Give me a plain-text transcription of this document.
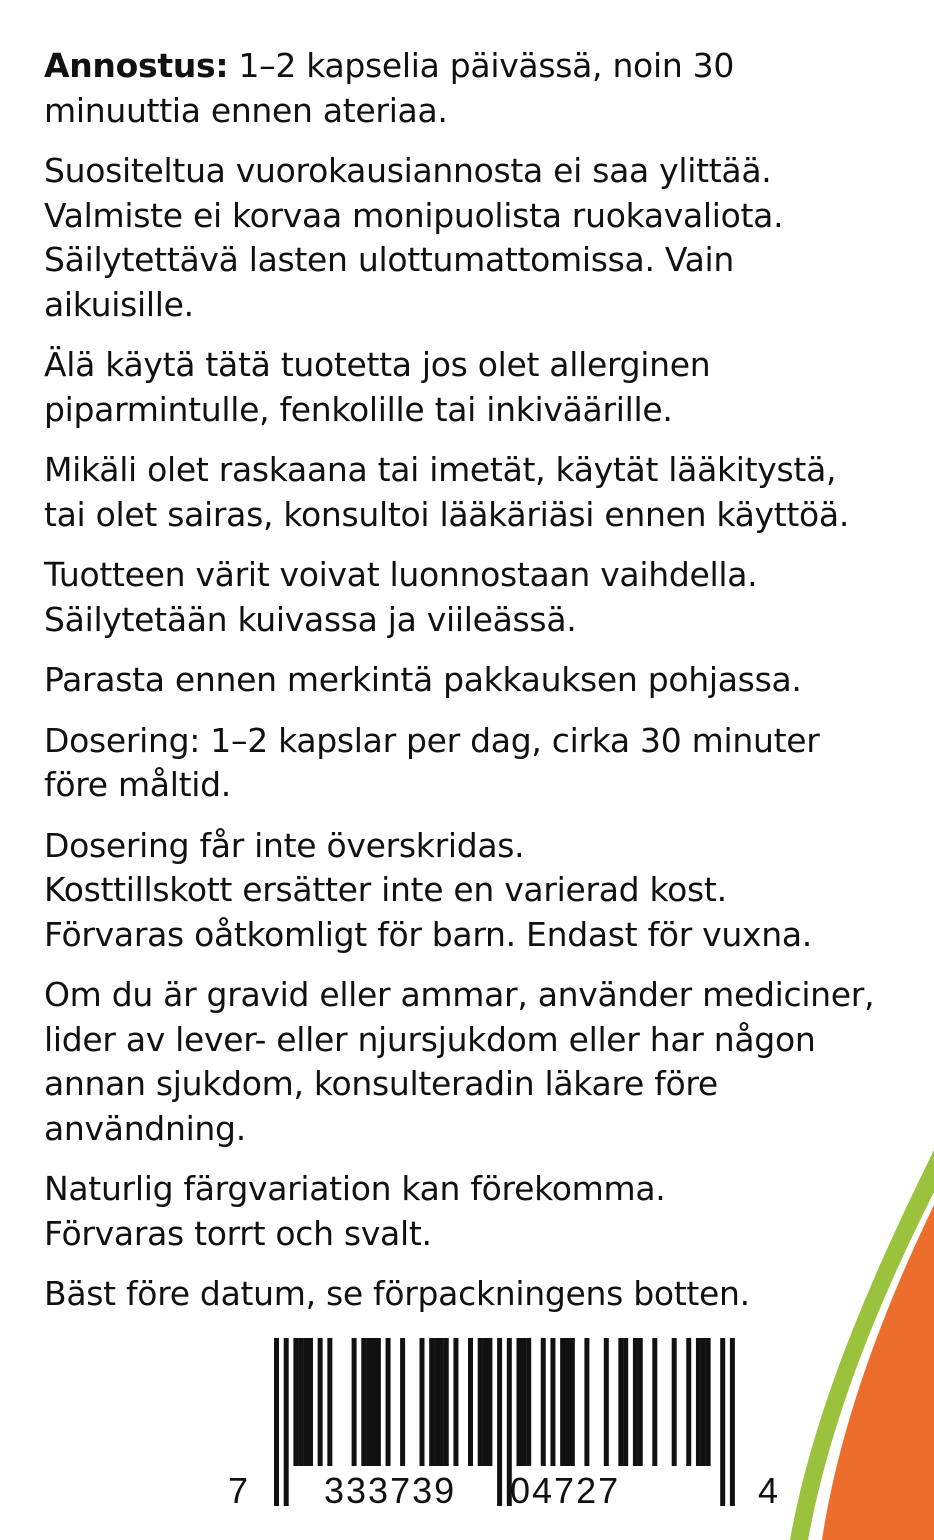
Annostus: 1–2 kapselia päivässä, noin 30
minuuttia ennen ateriaa.

Suositeltua vuorokausiannosta ei saa ylittää.
Valmiste ei korvaa monipuolista ruokavaliota.
Säilytettävä lasten ulottumattomissa. Vain
aikuisille.

Älä käytä tätä tuotetta jos olet allerginen
piparmintulle, fenkolille tai inkiväärille.

Mikäli olet raskaana tai imetät, käytät lääkitystä,
tai olet sairas, konsultoi lääkäriäsi ennen käyttöä.

Tuotteen värit voivat luonnostaan vaihdella.
Säilytetään kuivassa ja viileässä.

Parasta ennen merkintä pakkauksen pohjassa.

Dosering: 1–2 kapslar per dag, cirka 30 minuter
före måltid.

Dosering får inte överskridas.
Kosttillskott ersätter inte en varierad kost.
Förvaras oåtkomligt för barn. Endast för vuxna.

Om du är gravid eller ammar, använder mediciner,
lider av lever- eller njursjukdom eller har någon
annan sjukdom, konsulteradin läkare före
användning.

Naturlig färgvariation kan förekomma.
Förvaras torrt och svalt.

Bäst före datum, se förpackningens botten.

7 333739 04727	4
